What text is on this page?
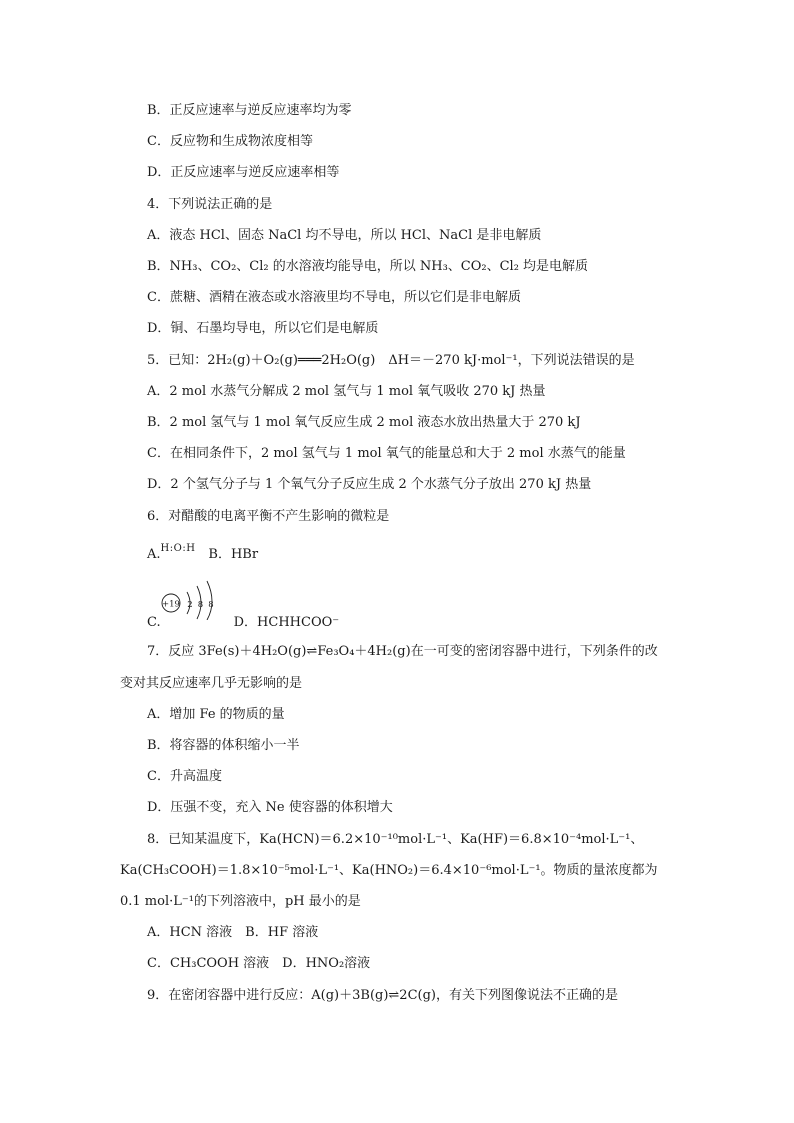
B．正反应速率与逆反应速率均为零
C．反应物和生成物浓度相等
D．正反应速率与逆反应速率相等
4．下列说法正确的是
A．液态 HCl、固态 NaCl 均不导电，所以 HCl、NaCl 是非电解质
B．NH₃、CO₂、Cl₂ 的水溶液均能导电，所以 NH₃、CO₂、Cl₂ 均是电解质
C．蔗糖、酒精在液态或水溶液里均不导电，所以它们是非电解质
D．铜、石墨均导电，所以它们是电解质
5．已知：2H₂(g)＋O₂(g)═══2H₂O(g)　ΔH＝－270 kJ·mol⁻¹，下列说法错误的是
A．2 mol 水蒸气分解成 2 mol 氢气与 1 mol 氧气吸收 270 kJ 热量
B．2 mol 氢气与 1 mol 氧气反应生成 2 mol 液态水放出热量大于 270 kJ
C．在相同条件下，2 mol 氢气与 1 mol 氧气的能量总和大于 2 mol 水蒸气的能量
D．2 个氢气分子与 1 个氧气分子反应生成 2 个水蒸气分子放出 270 kJ 热量
6．对醋酸的电离平衡不产生影响的微粒是
A.$^{H:O:H}$　B．HBr
+19 2 8 8
C.	　D．HCHHCOO⁻
7．反应 3Fe(s)＋4H₂O(g)⇌Fe₃O₄＋4H₂(g)在一可变的密闭容器中进行，下列条件的改
变对其反应速率几乎无影响的是
A．增加 Fe 的物质的量
B．将容器的体积缩小一半
C．升高温度
D．压强不变，充入 Ne 使容器的体积增大
8．已知某温度下，Ka(HCN)＝6.2×10⁻¹⁰mol·L⁻¹、Ka(HF)＝6.8×10⁻⁴mol·L⁻¹、
Ka(CH₃COOH)＝1.8×10⁻⁵mol·L⁻¹、Ka(HNO₂)＝6.4×10⁻⁶mol·L⁻¹。物质的量浓度都为
0.1 mol·L⁻¹的下列溶液中，pH 最小的是
A．HCN 溶液　B．HF 溶液
C．CH₃COOH 溶液　D．HNO₂溶液
9．在密闭容器中进行反应：A(g)＋3B(g)⇌2C(g)，有关下列图像说法不正确的是
